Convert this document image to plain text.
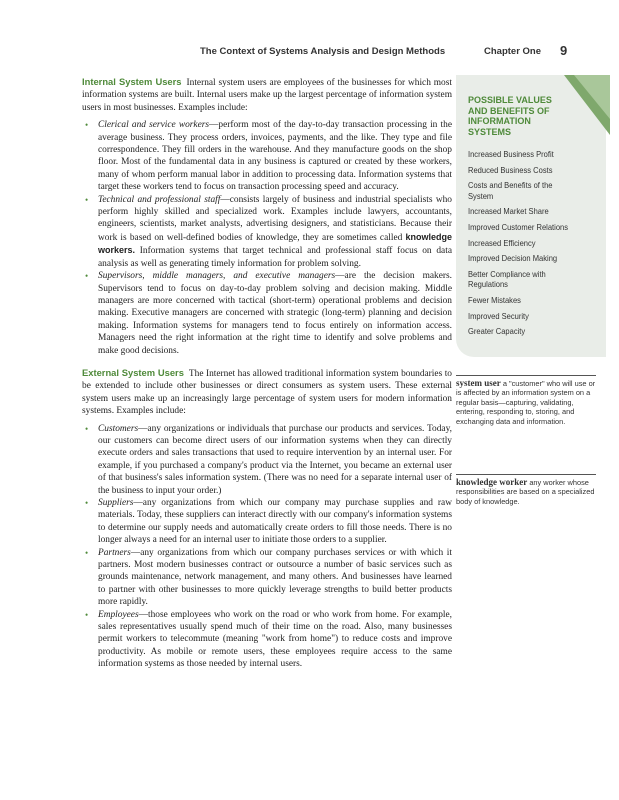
The Context of Systems Analysis and Design Methods	Chapter One 9

Internal System Users Internal system users are employees of the businesses for which most information systems are built. Internal users make up the largest percentage of information system users in most businesses. Examples include:

• Clerical and service workers—perform most of the day-to-day transaction processing in the average business. They process orders, invoices, payments, and the like. They type and file correspondence. They fill orders in the warehouse. And they manufacture goods on the shop floor. Most of the fundamental data in any business is captured or created by these workers, many of whom perform manual labor in addition to processing data. Information systems that target these workers tend to focus on transaction processing speed and accuracy.
• Technical and professional staff—consists largely of business and industrial specialists who perform highly skilled and specialized work. Examples include lawyers, accountants, engineers, scientists, market analysts, advertising designers, and statisticians. Because their work is based on well-defined bodies of knowledge, they are sometimes called knowledge workers. Information systems that target technical and professional staff focus on data analysis as well as generating timely information for problem solving.
• Supervisors, middle managers, and executive managers—are the decision makers. Supervisors tend to focus on day-to-day problem solving and decision making. Middle managers are more concerned with tactical (short-term) operational problems and decision making. Executive managers are concerned with strategic (long-term) planning and decision making. Information systems for managers tend to focus entirely on information access. Managers need the right information at the right time to identify and solve problems and make good decisions.

External System Users The Internet has allowed traditional information system boundaries to be extended to include other businesses or direct consumers as system users. These external system users make up an increasingly large percentage of system users for modern information systems. Examples include:

• Customers—any organizations or individuals that purchase our products and services. Today, our customers can become direct users of our information systems when they can directly execute orders and sales transactions that used to require intervention by an internal user. For example, if you purchased a company's product via the Internet, you became an external user of that business's sales information system. (There was no need for a separate internal user of the business to input your order.)
• Suppliers—any organizations from which our company may purchase supplies and raw materials. Today, these suppliers can interact directly with our company's information systems to determine our supply needs and automatically create orders to fill those needs. There is no longer always a need for an internal user to initiate those orders to a supplier.
• Partners—any organizations from which our company purchases services or with which it partners. Most modern businesses contract or outsource a number of basic services such as grounds maintenance, network management, and many others. And businesses have learned to partner with other businesses to more quickly leverage strengths to build better products more rapidly.
• Employees—those employees who work on the road or who work from home. For example, sales representatives usually spend much of their time on the road. Also, many businesses permit workers to telecommute (meaning "work from home") to reduce costs and improve productivity. As mobile or remote users, these employees require access to the same information systems as those needed by internal users.
POSSIBLE VALUES AND BENEFITS OF INFORMATION SYSTEMS
Increased Business Profit
Reduced Business Costs
Costs and Benefits of the System
Increased Market Share
Improved Customer Relations
Increased Efficiency
Improved Decision Making
Better Compliance with Regulations
Fewer Mistakes
Improved Security
Greater Capacity
system user a "customer" who will use or is affected by an information system on a regular basis—capturing, validating, entering, responding to, storing, and exchanging data and information.
knowledge worker any worker whose responsibilities are based on a specialized body of knowledge.
